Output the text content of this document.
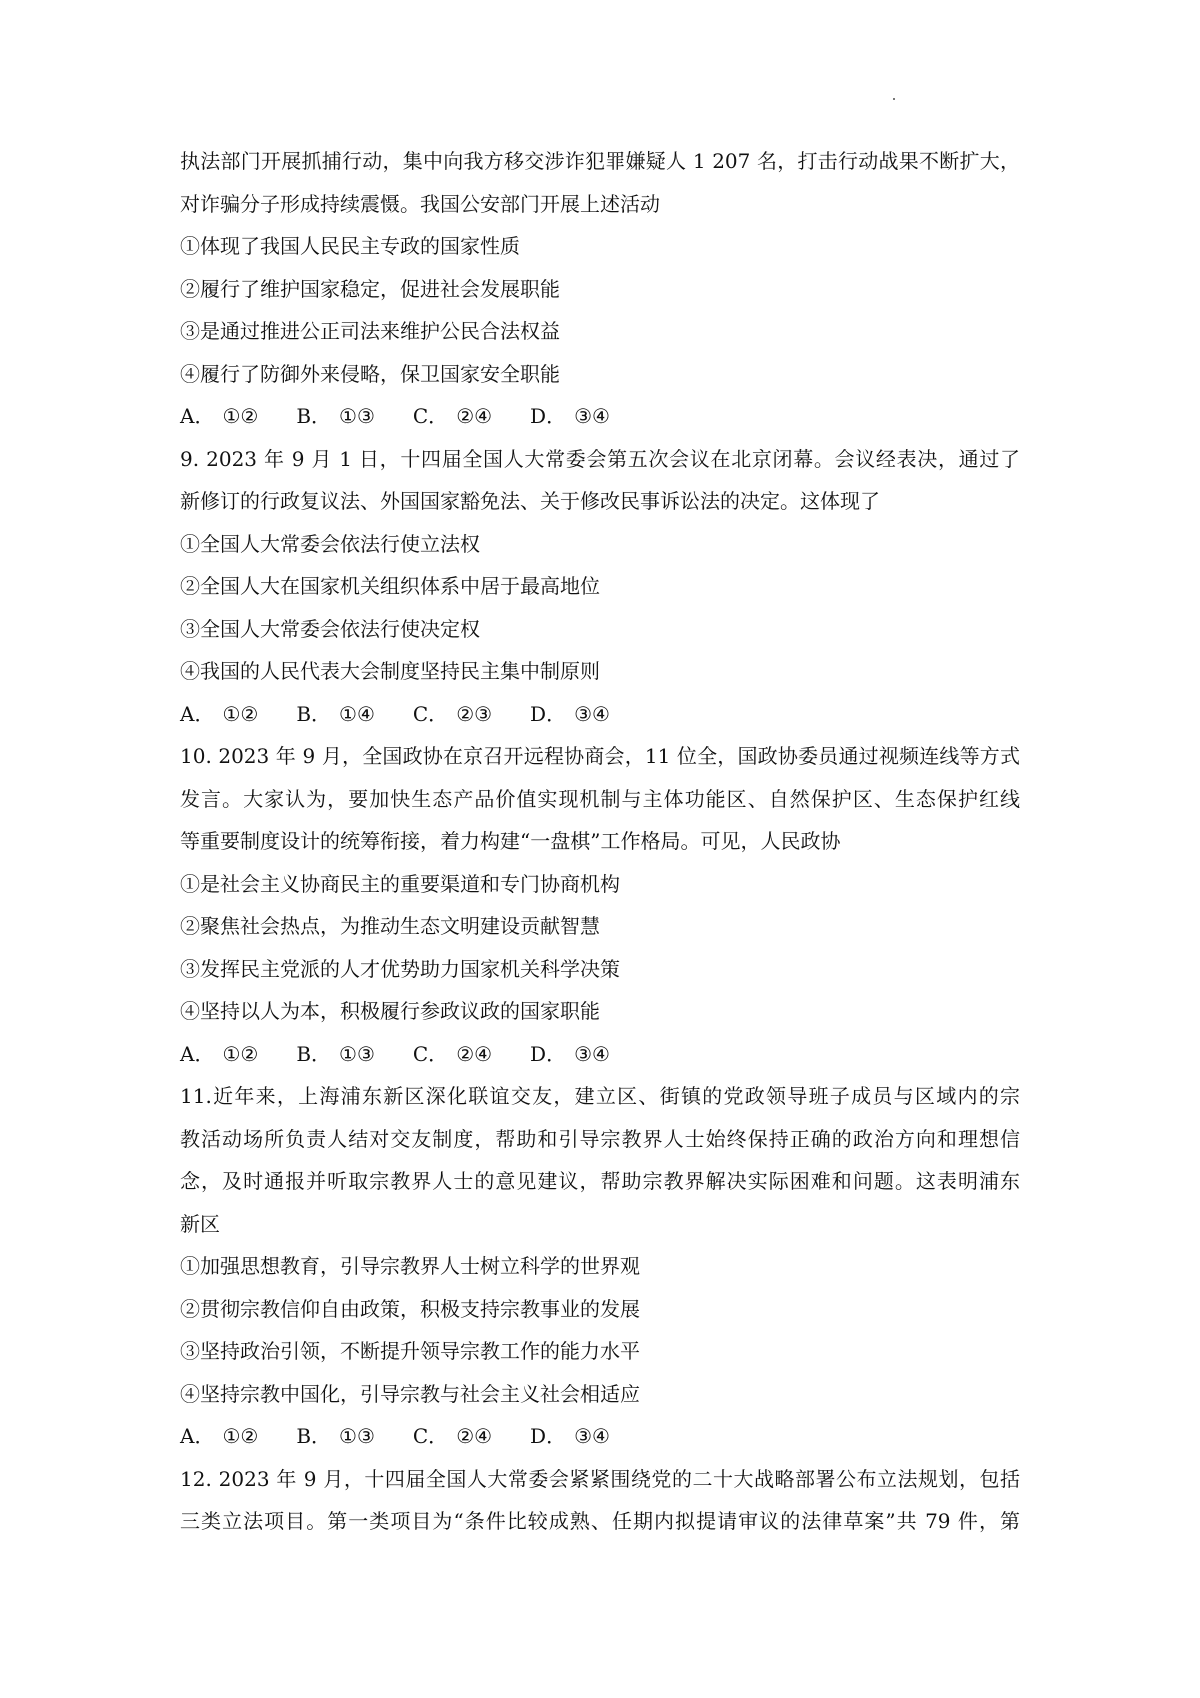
执法部门开展抓捕行动，集中向我方移交涉诈犯罪嫌疑人 1 207 名，打击行动战果不断扩大，
对诈骗分子形成持续震慑。我国公安部门开展上述活动
①体现了我国人民民主专政的国家性质
②履行了维护国家稳定，促进社会发展职能
③是通过推进公正司法来维护公民合法权益
④履行了防御外来侵略，保卫国家安全职能
A． ①② B． ①③ C． ②④ D． ③④
9. 2023 年 9 月 1 日，十四届全国人大常委会第五次会议在北京闭幕。会议经表决，通过了
新修订的行政复议法、外国国家豁免法、关于修改民事诉讼法的决定。这体现了
①全国人大常委会依法行使立法权
②全国人大在国家机关组织体系中居于最高地位
③全国人大常委会依法行使决定权
④我国的人民代表大会制度坚持民主集中制原则
A． ①② B． ①④ C． ②③ D． ③④
10. 2023 年 9 月，全国政协在京召开远程协商会，11 位全，国政协委员通过视频连线等方式
发言。大家认为，要加快生态产品价值实现机制与主体功能区、自然保护区、生态保护红线
等重要制度设计的统筹衔接，着力构建“一盘棋”工作格局。可见，人民政协
①是社会主义协商民主的重要渠道和专门协商机构
②聚焦社会热点，为推动生态文明建设贡献智慧
③发挥民主党派的人才优势助力国家机关科学决策
④坚持以人为本，积极履行参政议政的国家职能
A． ①② B． ①③ C． ②④ D． ③④
11.近年来，上海浦东新区深化联谊交友，建立区、街镇的党政领导班子成员与区域内的宗
教活动场所负责人结对交友制度，帮助和引导宗教界人士始终保持正确的政治方向和理想信
念，及时通报并听取宗教界人士的意见建议，帮助宗教界解决实际困难和问题。这表明浦东
新区
①加强思想教育，引导宗教界人士树立科学的世界观
②贯彻宗教信仰自由政策，积极支持宗教事业的发展
③坚持政治引领，不断提升领导宗教工作的能力水平
④坚持宗教中国化，引导宗教与社会主义社会相适应
A． ①② B． ①③ C． ②④ D． ③④
12. 2023 年 9 月，十四届全国人大常委会紧紧围绕党的二十大战略部署公布立法规划，包括
三类立法项目。第一类项目为“条件比较成熟、任期内拟提请审议的法律草案”共 79 件，第
